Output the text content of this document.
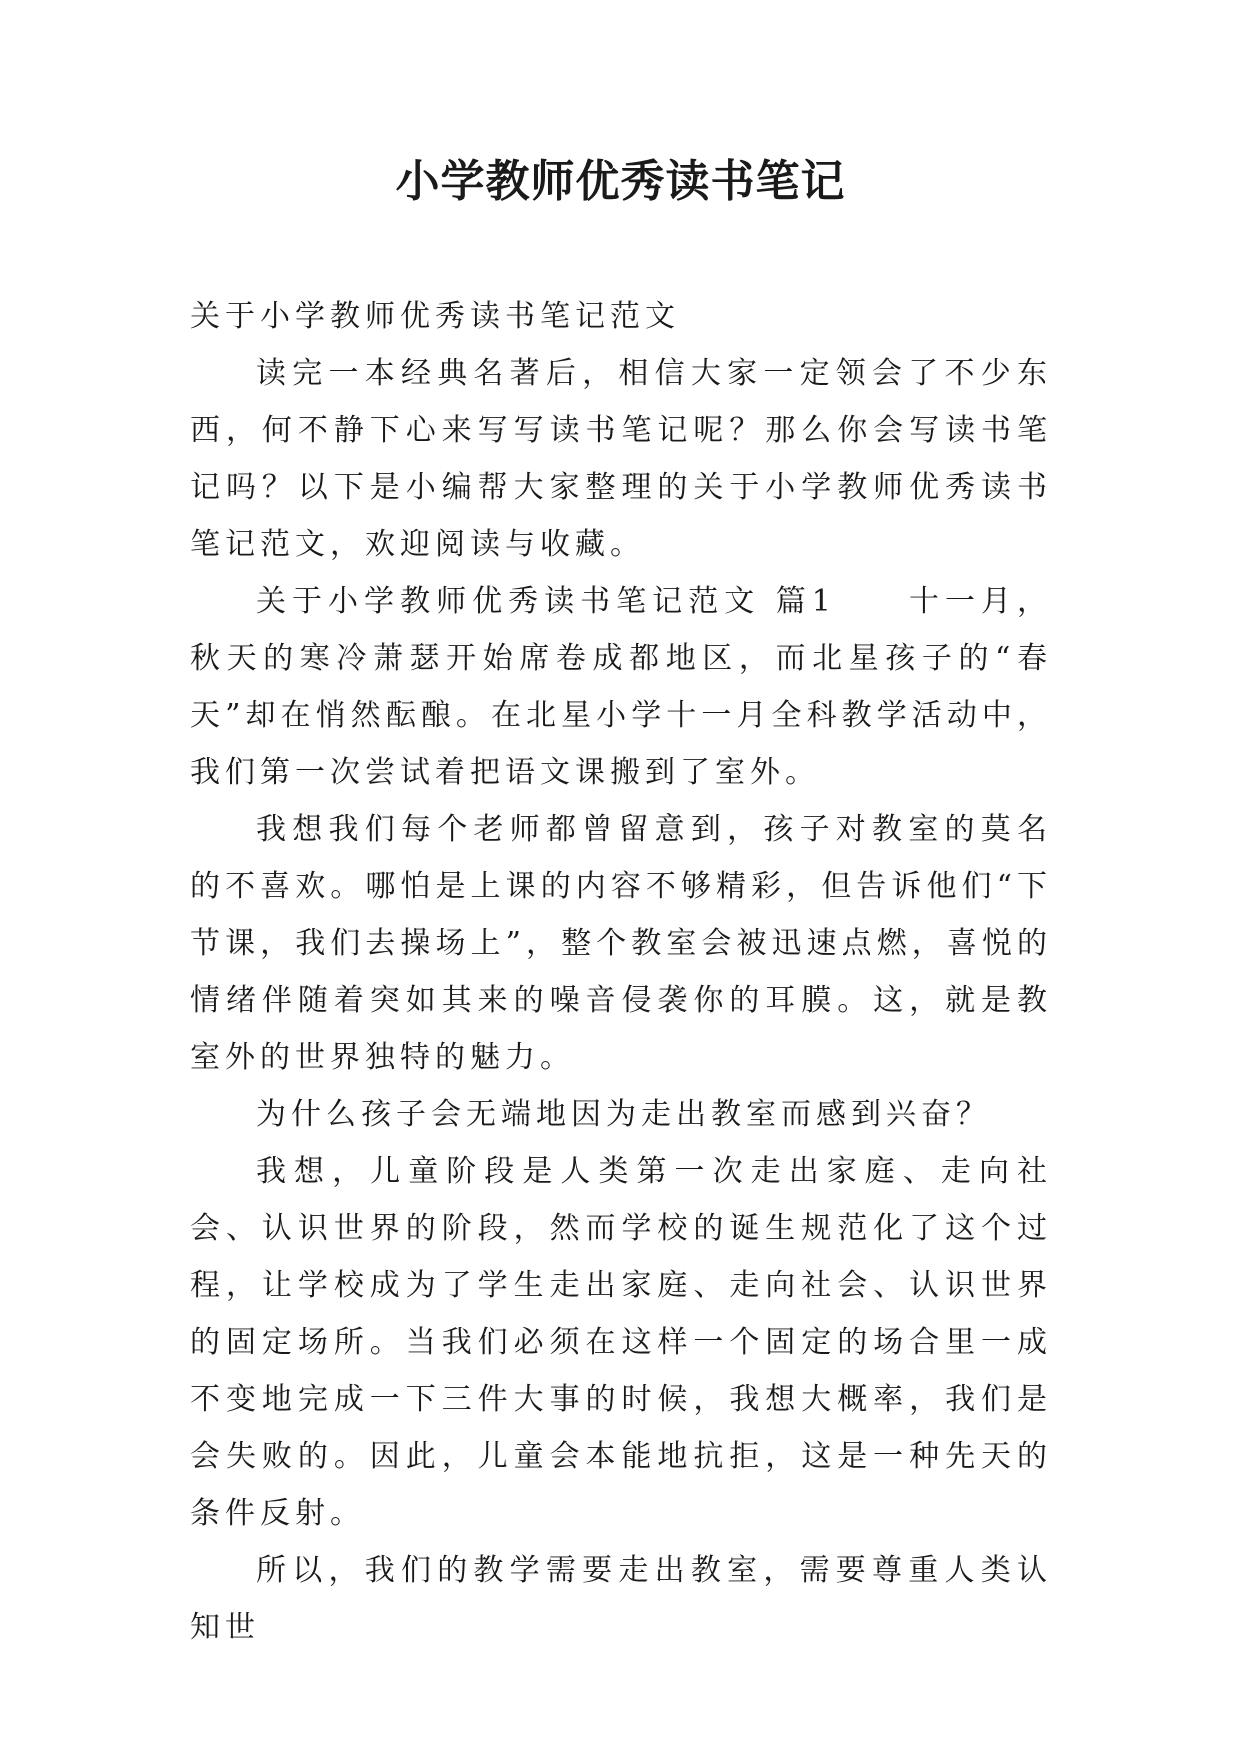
小学教师优秀读书笔记

关于小学教师优秀读书笔记范文

读完一本经典名著后，相信大家一定领会了不少东西，何不静下心来写写读书笔记呢？那么你会写读书笔记吗？以下是小编帮大家整理的关于小学教师优秀读书笔记范文，欢迎阅读与收藏。

关于小学教师优秀读书笔记范文 篇1　　十一月，秋天的寒冷萧瑟开始席卷成都地区，而北星孩子的“春天”却在悄然酝酿。在北星小学十一月全科教学活动中，我们第一次尝试着把语文课搬到了室外。

我想我们每个老师都曾留意到，孩子对教室的莫名的不喜欢。哪怕是上课的内容不够精彩，但告诉他们“下节课，我们去操场上”，整个教室会被迅速点燃，喜悦的情绪伴随着突如其来的噪音侵袭你的耳膜。这，就是教室外的世界独特的魅力。

为什么孩子会无端地因为走出教室而感到兴奋？

我想，儿童阶段是人类第一次走出家庭、走向社会、认识世界的阶段，然而学校的诞生规范化了这个过程，让学校成为了学生走出家庭、走向社会、认识世界的固定场所。当我们必须在这样一个固定的场合里一成不变地完成一下三件大事的时候，我想大概率，我们是会失败的。因此，儿童会本能地抗拒，这是一种先天的条件反射。

所以，我们的教学需要走出教室，需要尊重人类认知世
